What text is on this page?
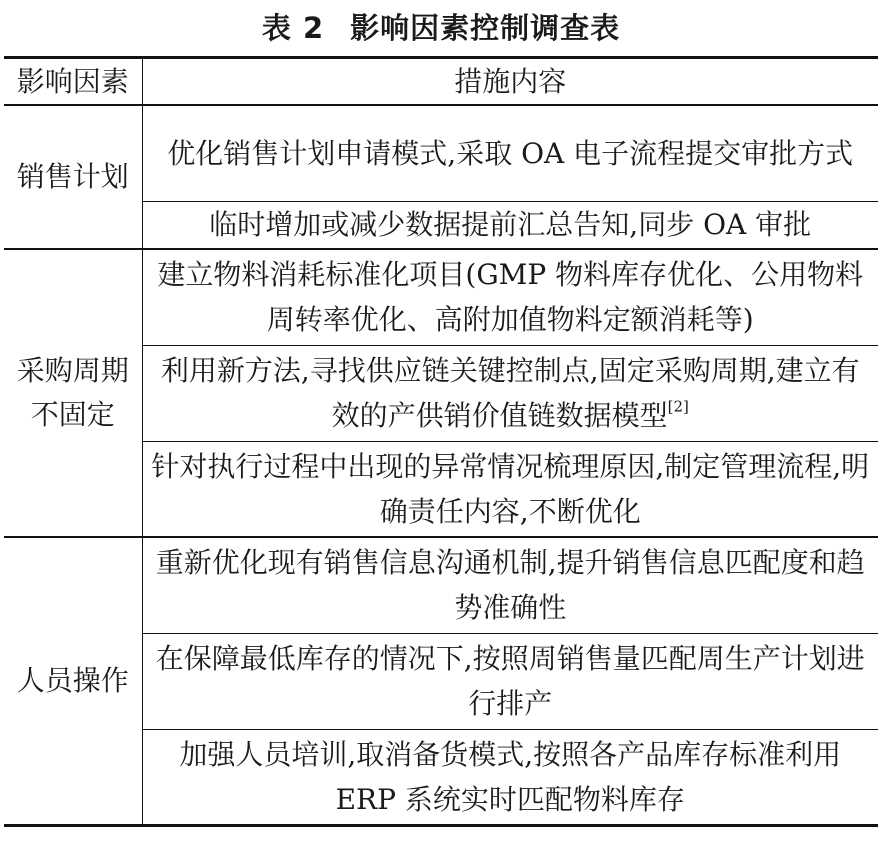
表 2 影响因素控制调查表
影响因素	措施内容
销售计划	优化销售计划申请模式,采取 OA 电子流程提交审批方式
	临时增加或减少数据提前汇总告知,同步 OA 审批
采购周期不固定	建立物料消耗标准化项目(GMP 物料库存优化、公用物料周转率优化、高附加值物料定额消耗等)
	利用新方法,寻找供应链关键控制点,固定采购周期,建立有效的产供销价值链数据模型[2]
	针对执行过程中出现的异常情况梳理原因,制定管理流程,明确责任内容,不断优化
人员操作	重新优化现有销售信息沟通机制,提升销售信息匹配度和趋势准确性
	在保障最低库存的情况下,按照周销售量匹配周生产计划进行排产
	加强人员培训,取消备货模式,按照各产品库存标准利用 ERP 系统实时匹配物料库存
